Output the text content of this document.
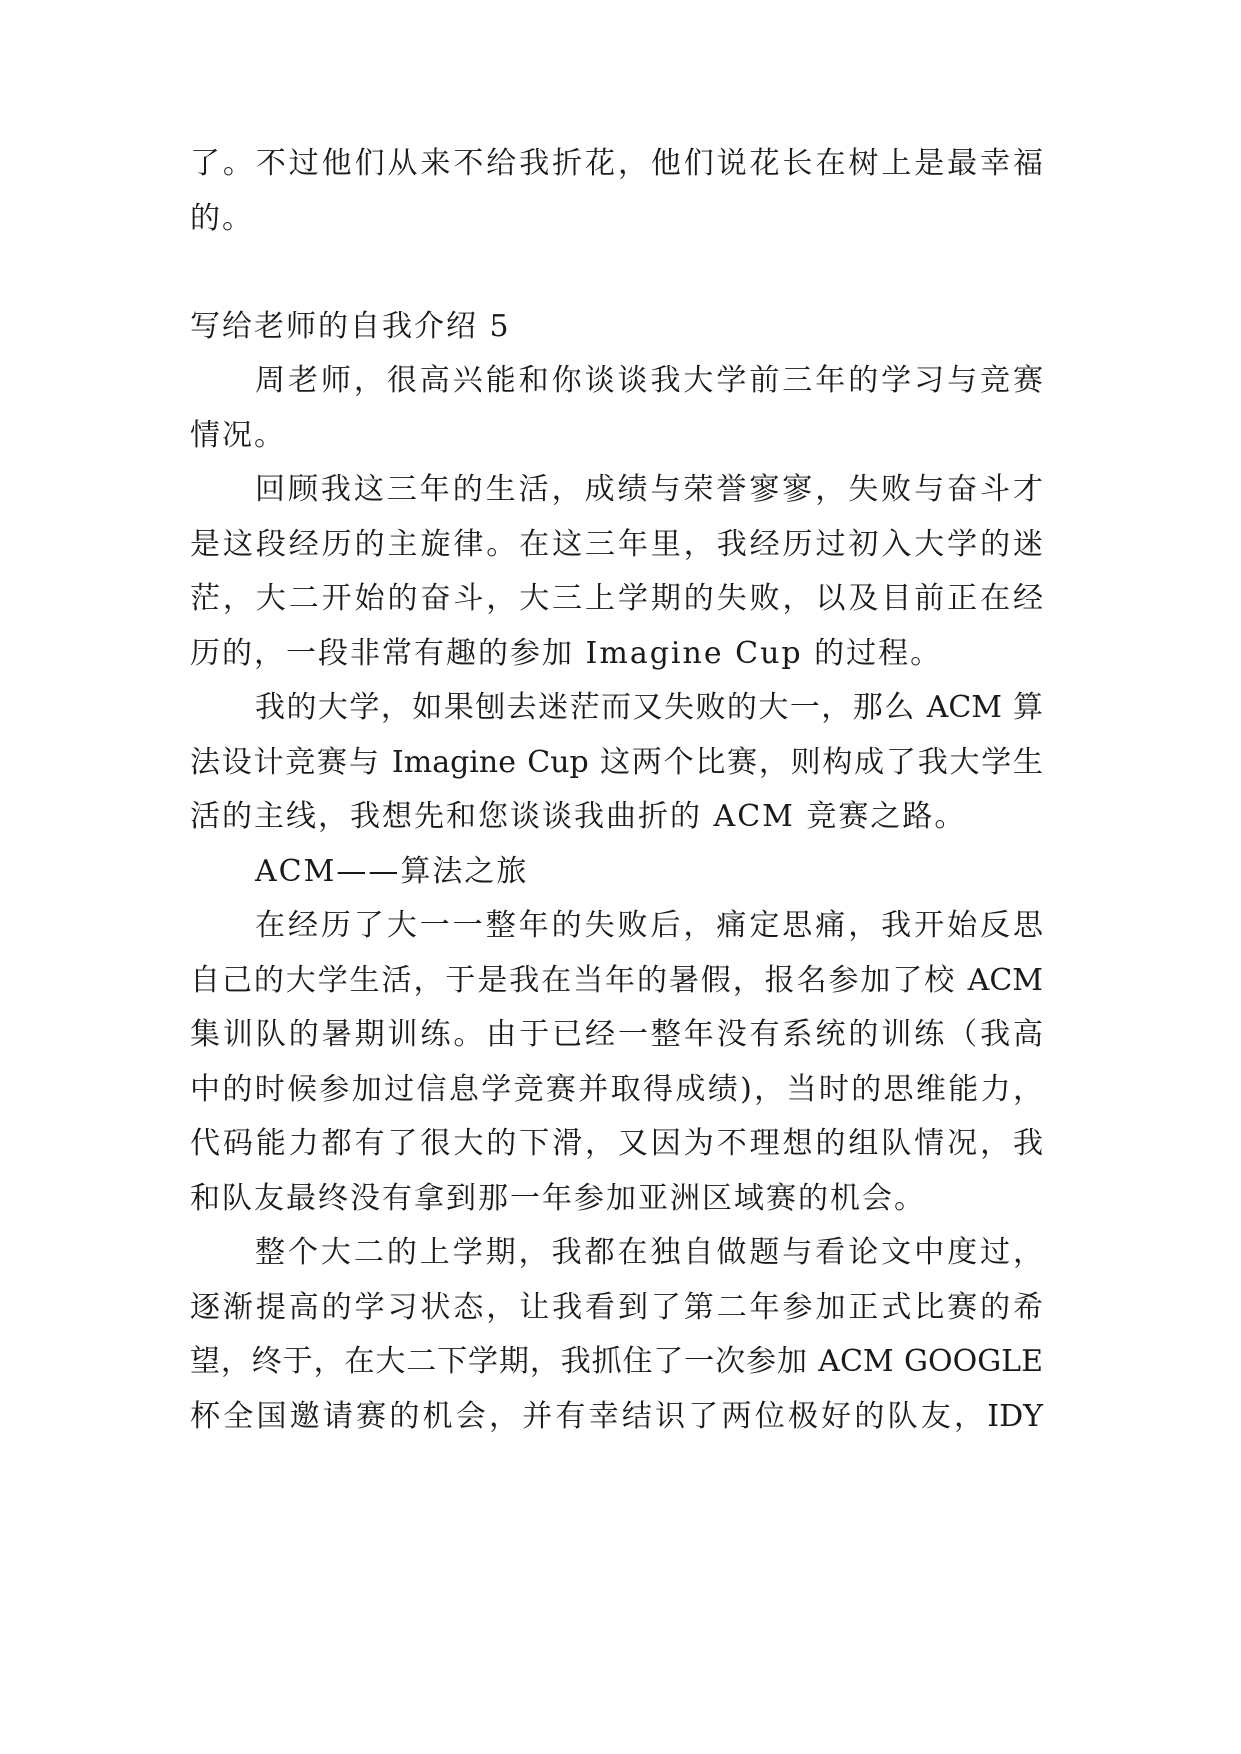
了。不过他们从来不给我折花，他们说花长在树上是最幸福
的。
写给老师的自我介绍 5
周老师，很高兴能和你谈谈我大学前三年的学习与竞赛
情况。
回顾我这三年的生活，成绩与荣誉寥寥，失败与奋斗才
是这段经历的主旋律。在这三年里，我经历过初入大学的迷
茫，大二开始的奋斗，大三上学期的失败，以及目前正在经
历的，一段非常有趣的参加 Imagine Cup 的过程。
我的大学，如果刨去迷茫而又失败的大一，那么 ACM 算
法设计竞赛与 Imagine Cup 这两个比赛，则构成了我大学生
活的主线，我想先和您谈谈我曲折的 ACM 竞赛之路。
ACM——算法之旅
在经历了大一一整年的失败后，痛定思痛，我开始反思
自己的大学生活，于是我在当年的暑假，报名参加了校 ACM
集训队的暑期训练。由于已经一整年没有系统的训练（我高
中的时候参加过信息学竞赛并取得成绩)，当时的思维能力，
代码能力都有了很大的下滑，又因为不理想的组队情况，我
和队友最终没有拿到那一年参加亚洲区域赛的机会。
整个大二的上学期，我都在独自做题与看论文中度过，
逐渐提高的学习状态，让我看到了第二年参加正式比赛的希
望，终于，在大二下学期，我抓住了一次参加 ACM GOOGLE
杯全国邀请赛的机会，并有幸结识了两位极好的队友，IDY
